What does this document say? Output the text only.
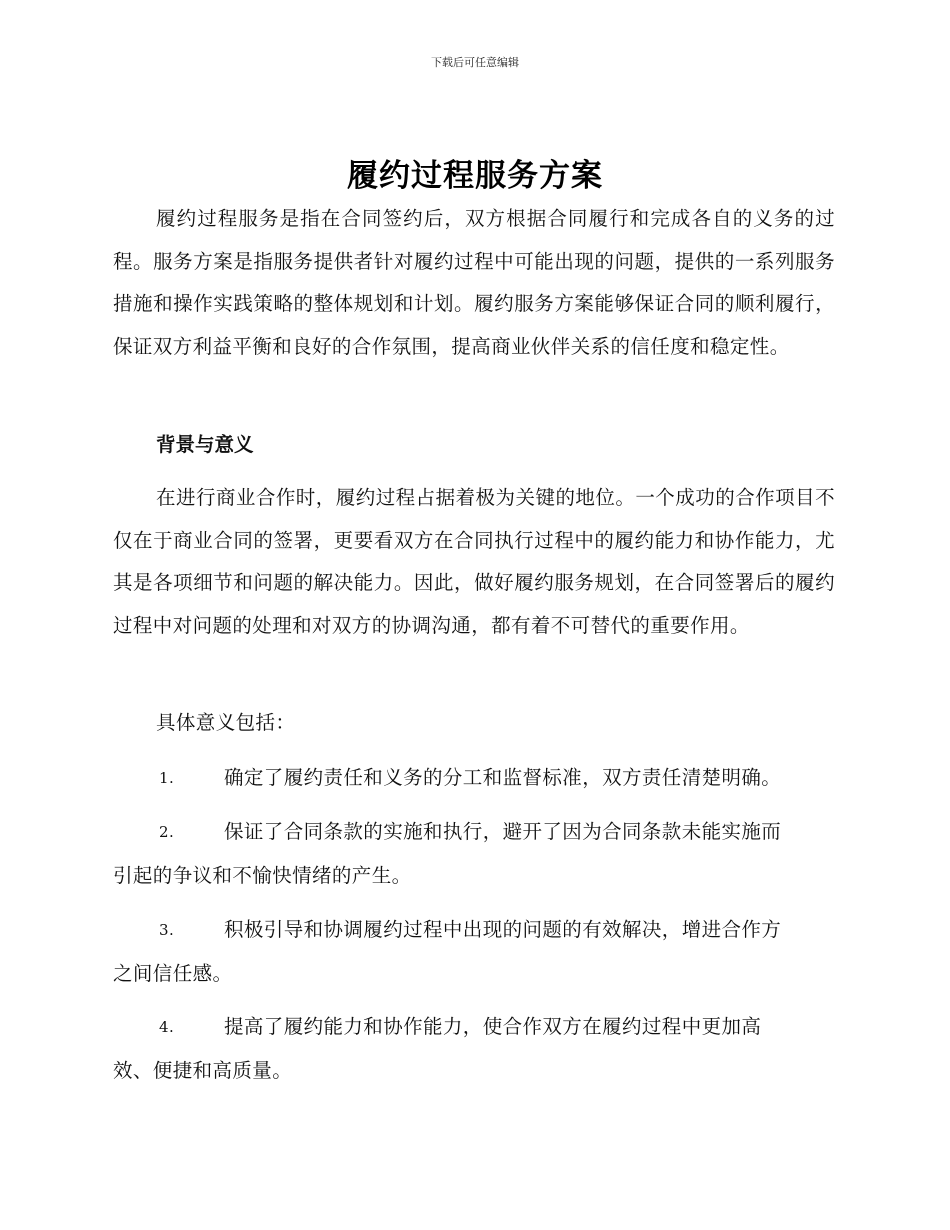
下载后可任意编辑
履约过程服务方案

履约过程服务是指在合同签约后，双方根据合同履行和完成各自的义务的过程。服务方案是指服务提供者针对履约过程中可能出现的问题，提供的一系列服务措施和操作实践策略的整体规划和计划。履约服务方案能够保证合同的顺利履行，保证双方利益平衡和良好的合作氛围，提高商业伙伴关系的信任度和稳定性。

背景与意义

在进行商业合作时，履约过程占据着极为关键的地位。一个成功的合作项目不仅在于商业合同的签署，更要看双方在合同执行过程中的履约能力和协作能力，尤其是各项细节和问题的解决能力。因此，做好履约服务规划，在合同签署后的履约过程中对问题的处理和对双方的协调沟通，都有着不可替代的重要作用。

具体意义包括：

1.	确定了履约责任和义务的分工和监督标准，双方责任清楚明确。
2.	保证了合同条款的实施和执行，避开了因为合同条款未能实施而
引起的争议和不愉快情绪的产生。
3.	积极引导和协调履约过程中出现的问题的有效解决，增进合作方
之间信任感。
4.	提高了履约能力和协作能力，使合作双方在履约过程中更加高
效、便捷和高质量。
